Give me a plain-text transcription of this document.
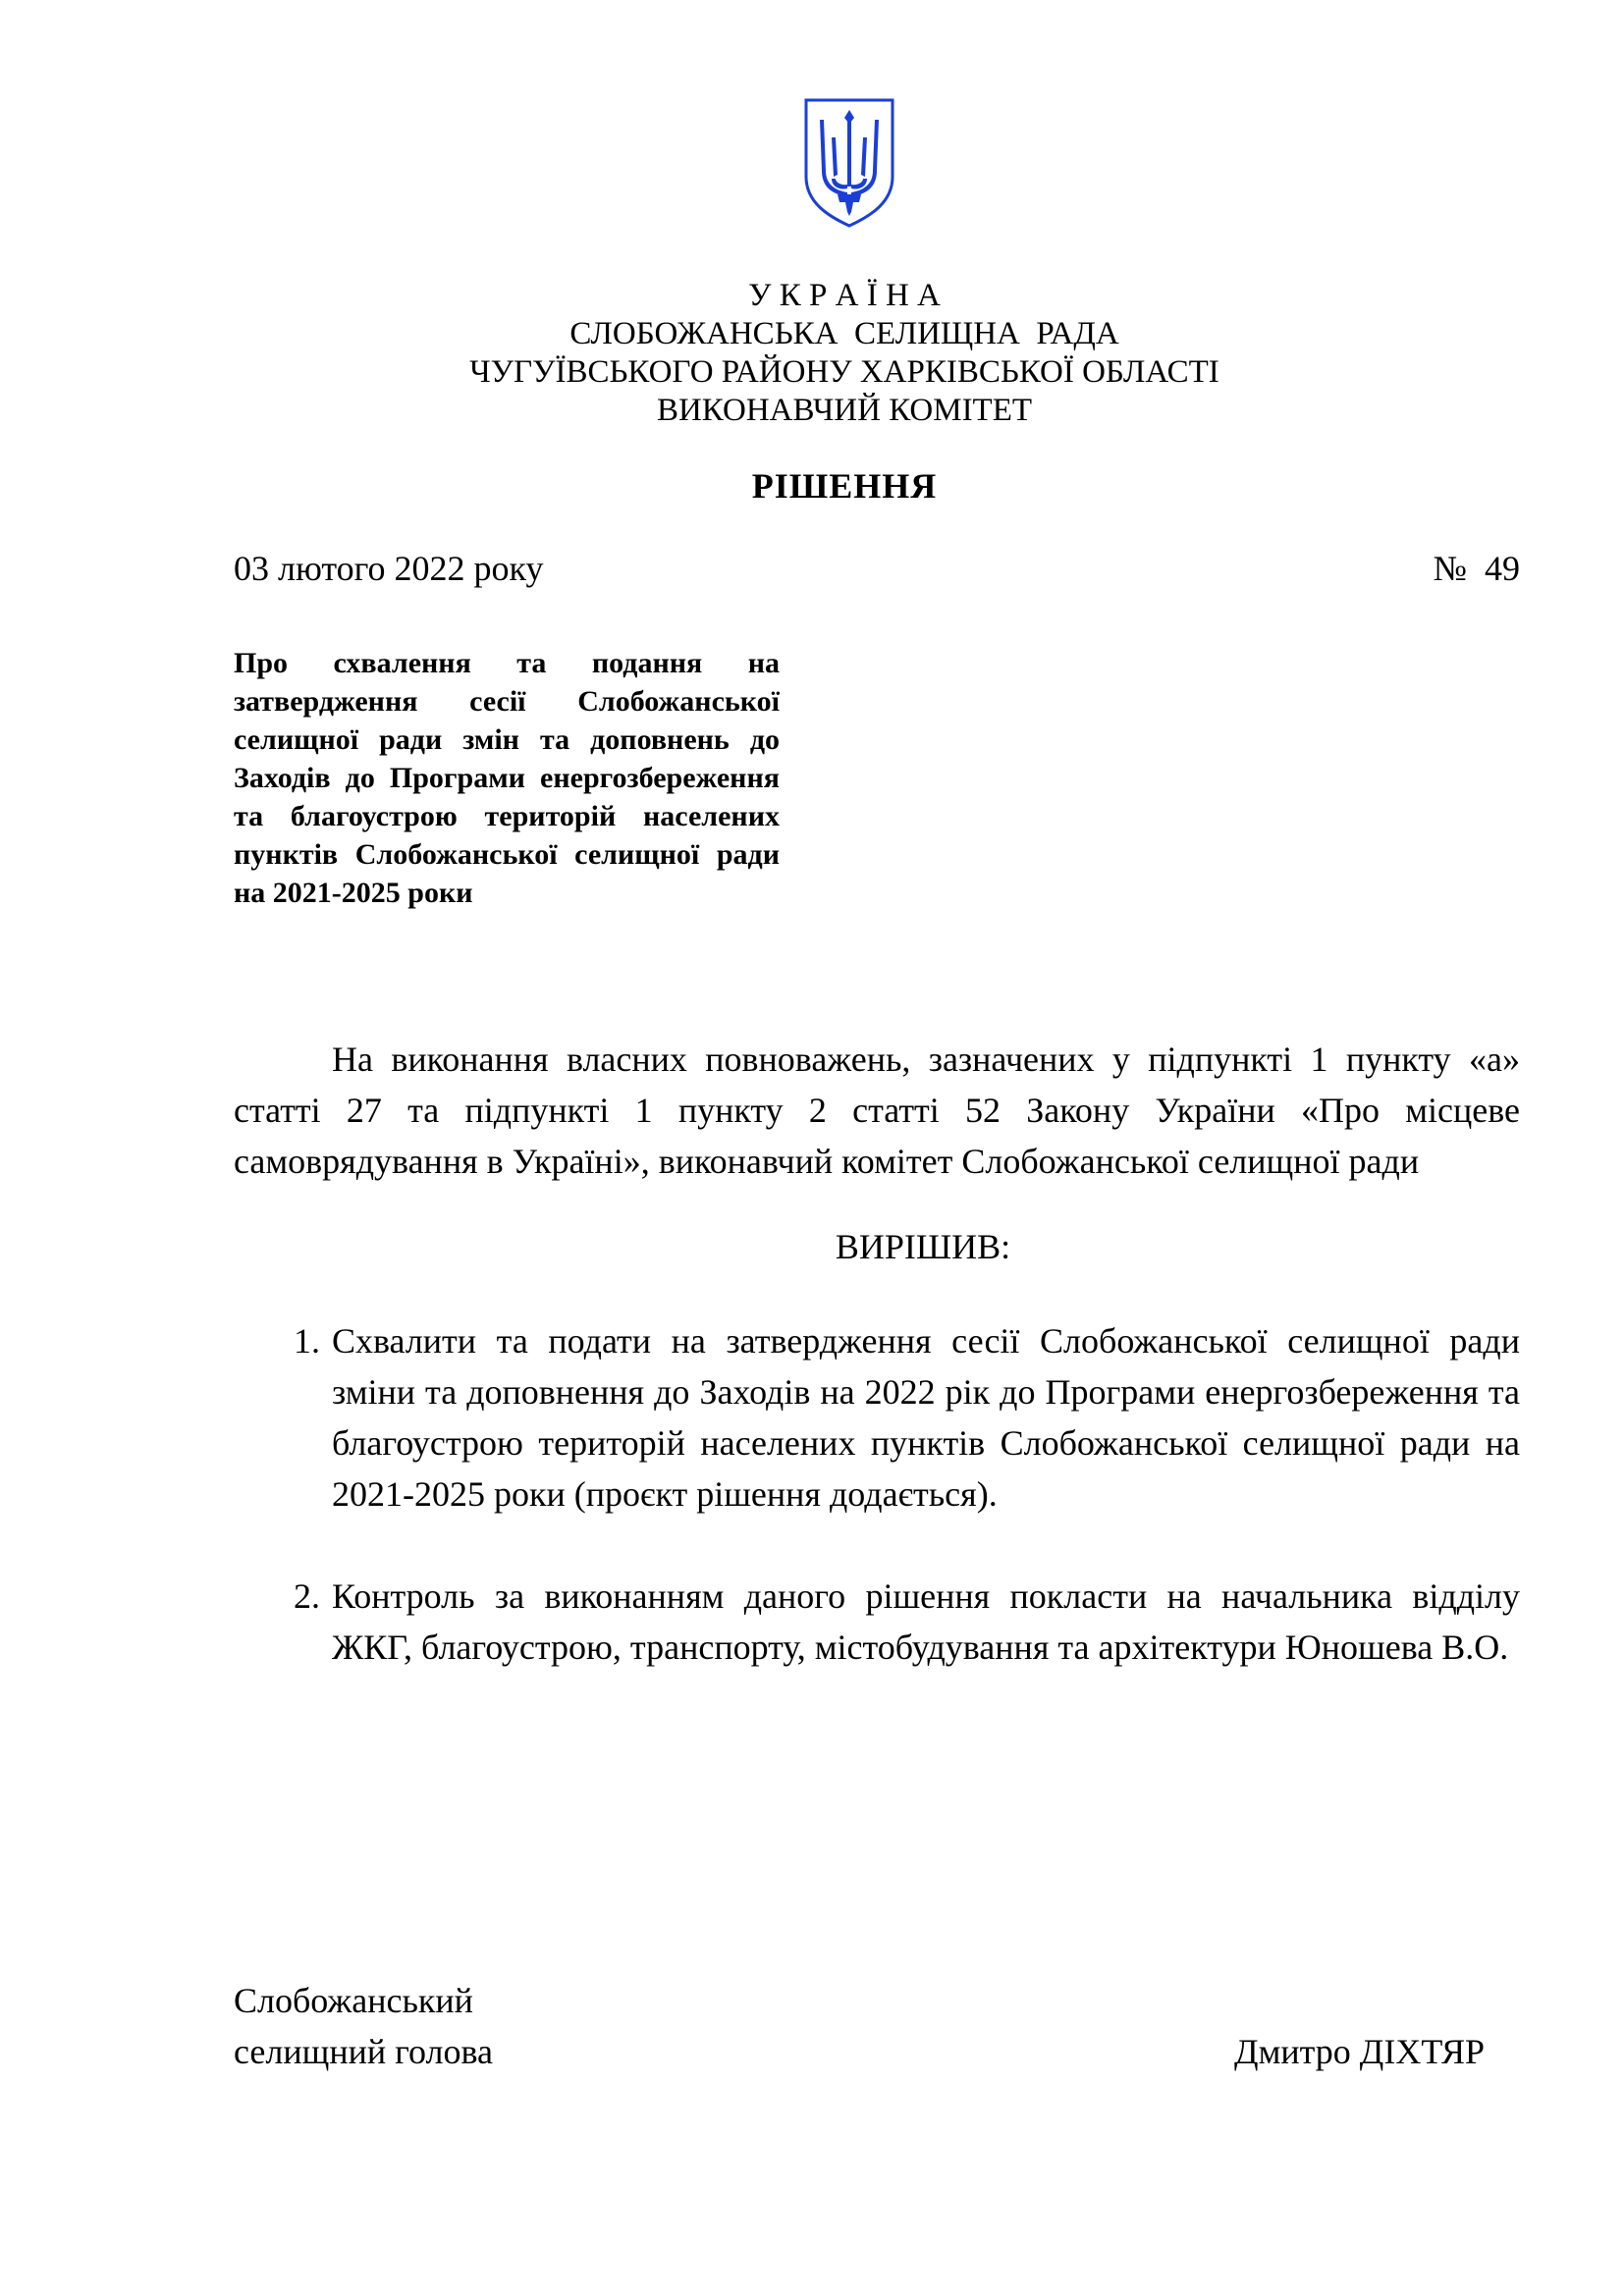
У К Р А Ї Н А
СЛОБОЖАНСЬКА  СЕЛИЩНА  РАДА
ЧУГУЇВСЬКОГО РАЙОНУ ХАРКІВСЬКОЇ ОБЛАСТІ
ВИКОНАВЧИЙ КОМІТЕТ
РІШЕННЯ
03 лютого 2022 року	№  49
Про схвалення та подання на затвердження сесії Слобожанської селищної ради змін та доповнень до Заходів до Програми енергозбереження та благоустрою територій населених пунктів Слобожанської селищної ради на 2021-2025 роки
На виконання власних повноважень, зазначених у підпункті 1 пункту «а» статті 27 та підпункті 1 пункту 2 статті 52 Закону України «Про місцеве самоврядування в Україні», виконавчий комітет Слобожанської селищної ради
ВИРІШИВ:
1. Схвалити та подати на затвердження сесії Слобожанської селищної ради зміни та доповнення до Заходів на 2022 рік до Програми енергозбереження та благоустрою територій населених пунктів Слобожанської селищної ради на 2021-2025 роки (проєкт рішення додається).
2. Контроль за виконанням даного рішення покласти на начальника відділу ЖКГ, благоустрою, транспорту, містобудування та архітектури Юношева В.О.
Слобожанський
селищний голова	Дмитро ДІХТЯР
